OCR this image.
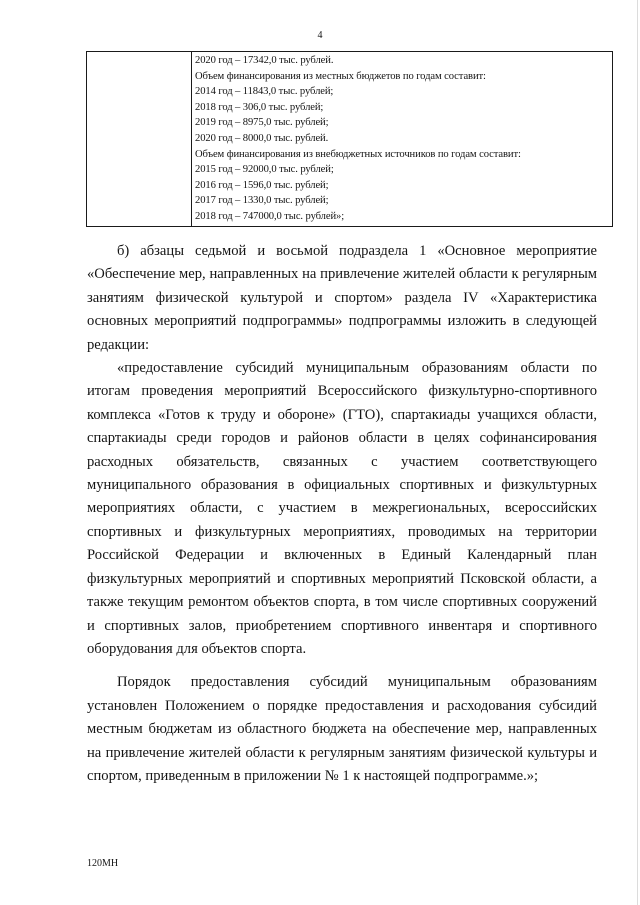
4

2020 год – 17342,0 тыс. рублей.
Объем финансирования из местных бюджетов по годам составит:
2014 год – 11843,0 тыс. рублей;
2018 год – 306,0 тыс. рублей;
2019 год – 8975,0 тыс. рублей;
2020 год – 8000,0 тыс. рублей.
Объем финансирования из внебюджетных источников по годам составит:
2015 год – 92000,0 тыс. рублей;
2016 год – 1596,0 тыс. рублей;
2017 год – 1330,0 тыс. рублей;
2018 год – 747000,0 тыс. рублей»;

б) абзацы седьмой и восьмой подраздела 1 «Основное мероприятие «Обеспечение мер, направленных на привлечение жителей области к регулярным занятиям физической культурой и спортом» раздела IV «Характеристика основных мероприятий подпрограммы» подпрограммы изложить в следующей редакции:

«предоставление субсидий муниципальным образованиям области по итогам проведения мероприятий Всероссийского физкультурно-спортивного комплекса «Готов к труду и обороне» (ГТО), спартакиады учащихся области, спартакиады среди городов и районов области в целях софинансирования расходных обязательств, связанных с участием соответствующего муниципального образования в официальных спортивных и физкультурных мероприятиях области, с участием в межрегиональных, всероссийских спортивных и физкультурных мероприятиях, проводимых на территории Российской Федерации и включенных в Единый Календарный план физкультурных мероприятий и спортивных мероприятий Псковской области, а также текущим ремонтом объектов спорта, в том числе спортивных сооружений и спортивных залов, приобретением спортивного инвентаря и спортивного оборудования для объектов спорта.

Порядок предоставления субсидий муниципальным образованиям установлен Положением о порядке предоставления и расходования субсидий местным бюджетам из областного бюджета на обеспечение мер, направленных на привлечение жителей области к регулярным занятиям физической культуры и спортом, приведенным в приложении № 1 к настоящей подпрограмме.»;

120МН
